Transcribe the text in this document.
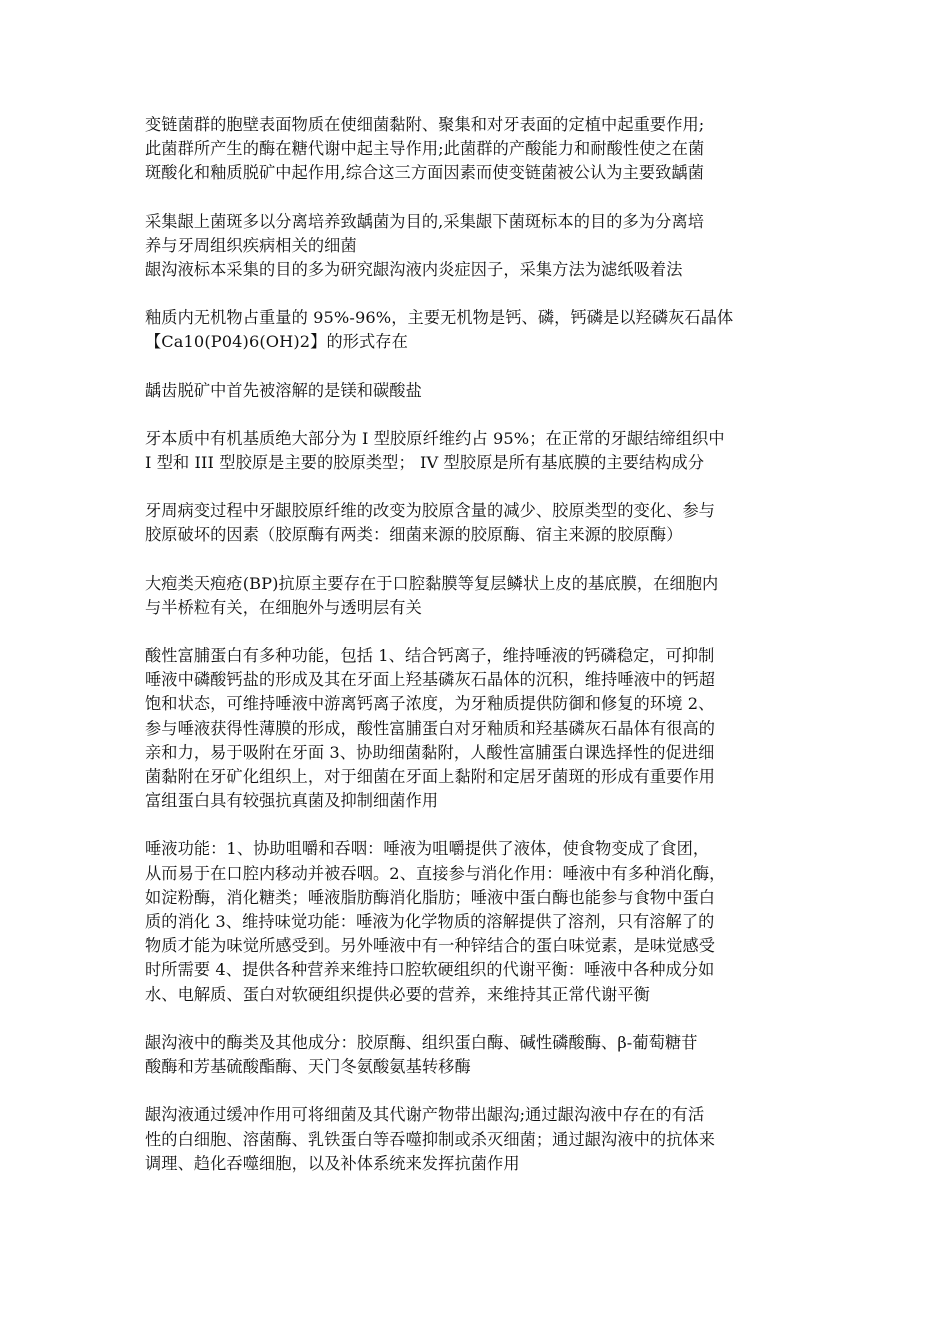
变链菌群的胞壁表面物质在使细菌黏附、聚集和对牙表面的定植中起重要作用;
此菌群所产生的酶在糖代谢中起主导作用;此菌群的产酸能力和耐酸性使之在菌
斑酸化和釉质脱矿中起作用,综合这三方面因素而使变链菌被公认为主要致龋菌

采集龈上菌斑多以分离培养致龋菌为目的,采集龈下菌斑标本的目的多为分离培
养与牙周组织疾病相关的细菌

龈沟液标本采集的目的多为研究龈沟液内炎症因子，采集方法为滤纸吸着法

釉质内无机物占重量的 95%-96%，主要无机物是钙、磷，钙磷是以羟磷灰石晶体
【Ca10(P04)6(OH)2】的形式存在

龋齿脱矿中首先被溶解的是镁和碳酸盐

牙本质中有机基质绝大部分为 I 型胶原纤维约占 95%；在正常的牙龈结缔组织中
I 型和 III 型胶原是主要的胶原类型； IV 型胶原是所有基底膜的主要结构成分

牙周病变过程中牙龈胶原纤维的改变为胶原含量的减少、胶原类型的变化、参与
胶原破坏的因素（胶原酶有两类：细菌来源的胶原酶、宿主来源的胶原酶）

大疱类天疱疮(BP)抗原主要存在于口腔黏膜等复层鳞状上皮的基底膜，在细胞内
与半桥粒有关，在细胞外与透明层有关

酸性富脯蛋白有多种功能，包括 1、结合钙离子，维持唾液的钙磷稳定，可抑制
唾液中磷酸钙盐的形成及其在牙面上羟基磷灰石晶体的沉积，维持唾液中的钙超
饱和状态，可维持唾液中游离钙离子浓度，为牙釉质提供防御和修复的环境 2、
参与唾液获得性薄膜的形成，酸性富脯蛋白对牙釉质和羟基磷灰石晶体有很高的
亲和力，易于吸附在牙面 3、协助细菌黏附，人酸性富脯蛋白课选择性的促进细
菌黏附在牙矿化组织上，对于细菌在牙面上黏附和定居牙菌斑的形成有重要作用
富组蛋白具有较强抗真菌及抑制细菌作用

唾液功能：1、协助咀嚼和吞咽：唾液为咀嚼提供了液体，使食物变成了食团，
从而易于在口腔内移动并被吞咽。2、直接参与消化作用：唾液中有多种消化酶，
如淀粉酶，消化糖类；唾液脂肪酶消化脂肪；唾液中蛋白酶也能参与食物中蛋白
质的消化 3、维持味觉功能：唾液为化学物质的溶解提供了溶剂，只有溶解了的
物质才能为味觉所感受到。另外唾液中有一种锌结合的蛋白味觉素，是味觉感受
时所需要 4、提供各种营养来维持口腔软硬组织的代谢平衡：唾液中各种成分如
水、电解质、蛋白对软硬组织提供必要的营养，来维持其正常代谢平衡

龈沟液中的酶类及其他成分：胶原酶、组织蛋白酶、碱性磷酸酶、β-葡萄糖苷
酸酶和芳基硫酸酯酶、天门冬氨酸氨基转移酶

龈沟液通过缓冲作用可将细菌及其代谢产物带出龈沟;通过龈沟液中存在的有活
性的白细胞、溶菌酶、乳铁蛋白等吞噬抑制或杀灭细菌；通过龈沟液中的抗体来
调理、趋化吞噬细胞，以及补体系统来发挥抗菌作用
